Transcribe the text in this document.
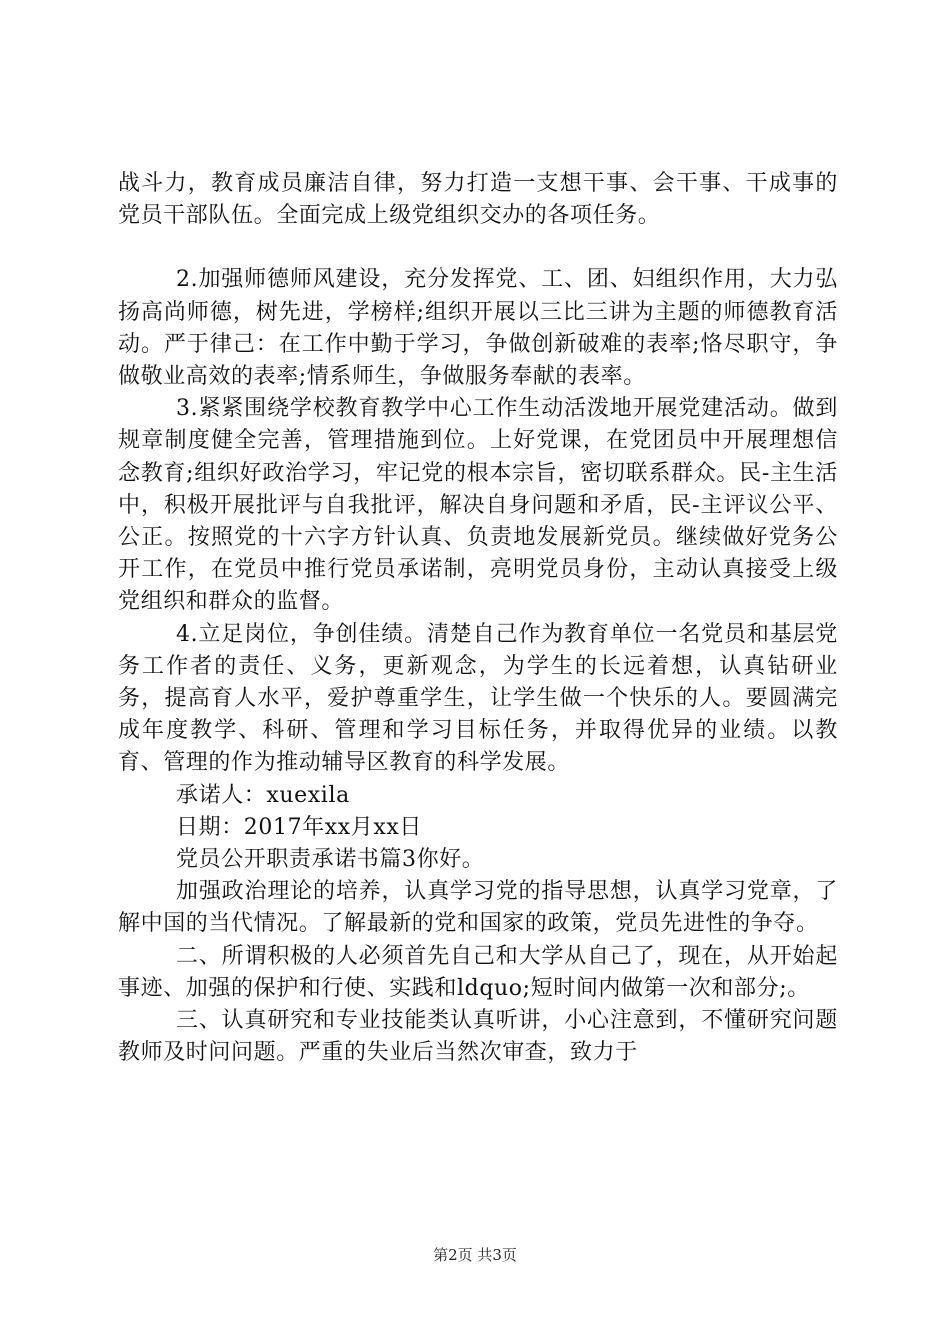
战斗力，教育成员廉洁自律，努力打造一支想干事、会干事、干成事的党员干部队伍。全面完成上级党组织交办的各项任务。

2.加强师德师风建设，充分发挥党、工、团、妇组织作用，大力弘扬高尚师德，树先进，学榜样;组织开展以三比三讲为主题的师德教育活动。严于律己：在工作中勤于学习，争做创新破难的表率;恪尽职守，争做敬业高效的表率;情系师生，争做服务奉献的表率。

3.紧紧围绕学校教育教学中心工作生动活泼地开展党建活动。做到规章制度健全完善，管理措施到位。上好党课，在党团员中开展理想信念教育;组织好政治学习，牢记党的根本宗旨，密切联系群众。民-主生活中，积极开展批评与自我批评，解决自身问题和矛盾，民-主评议公平、公正。按照党的十六字方针认真、负责地发展新党员。继续做好党务公开工作，在党员中推行党员承诺制，亮明党员身份，主动认真接受上级党组织和群众的监督。

4.立足岗位，争创佳绩。清楚自己作为教育单位一名党员和基层党务工作者的责任、义务，更新观念，为学生的长远着想，认真钻研业务，提高育人水平，爱护尊重学生，让学生做一个快乐的人。要圆满完成年度教学、科研、管理和学习目标任务，并取得优异的业绩。以教育、管理的作为推动辅导区教育的科学发展。

承诺人：xuexila

日期：2017年xx月xx日

党员公开职责承诺书篇3你好。

加强政治理论的培养，认真学习党的指导思想，认真学习党章，了解中国的当代情况。了解最新的党和国家的政策，党员先进性的争夺。

二、所谓积极的人必须首先自己和大学从自己了，现在，从开始起事迹、加强的保护和行使、实践和ldquo;短时间内做第一次和部分;。

三、认真研究和专业技能类认真听讲，小心注意到，不懂研究问题教师及时问问题。严重的失业后当然次审查，致力于

第2页 共3页
